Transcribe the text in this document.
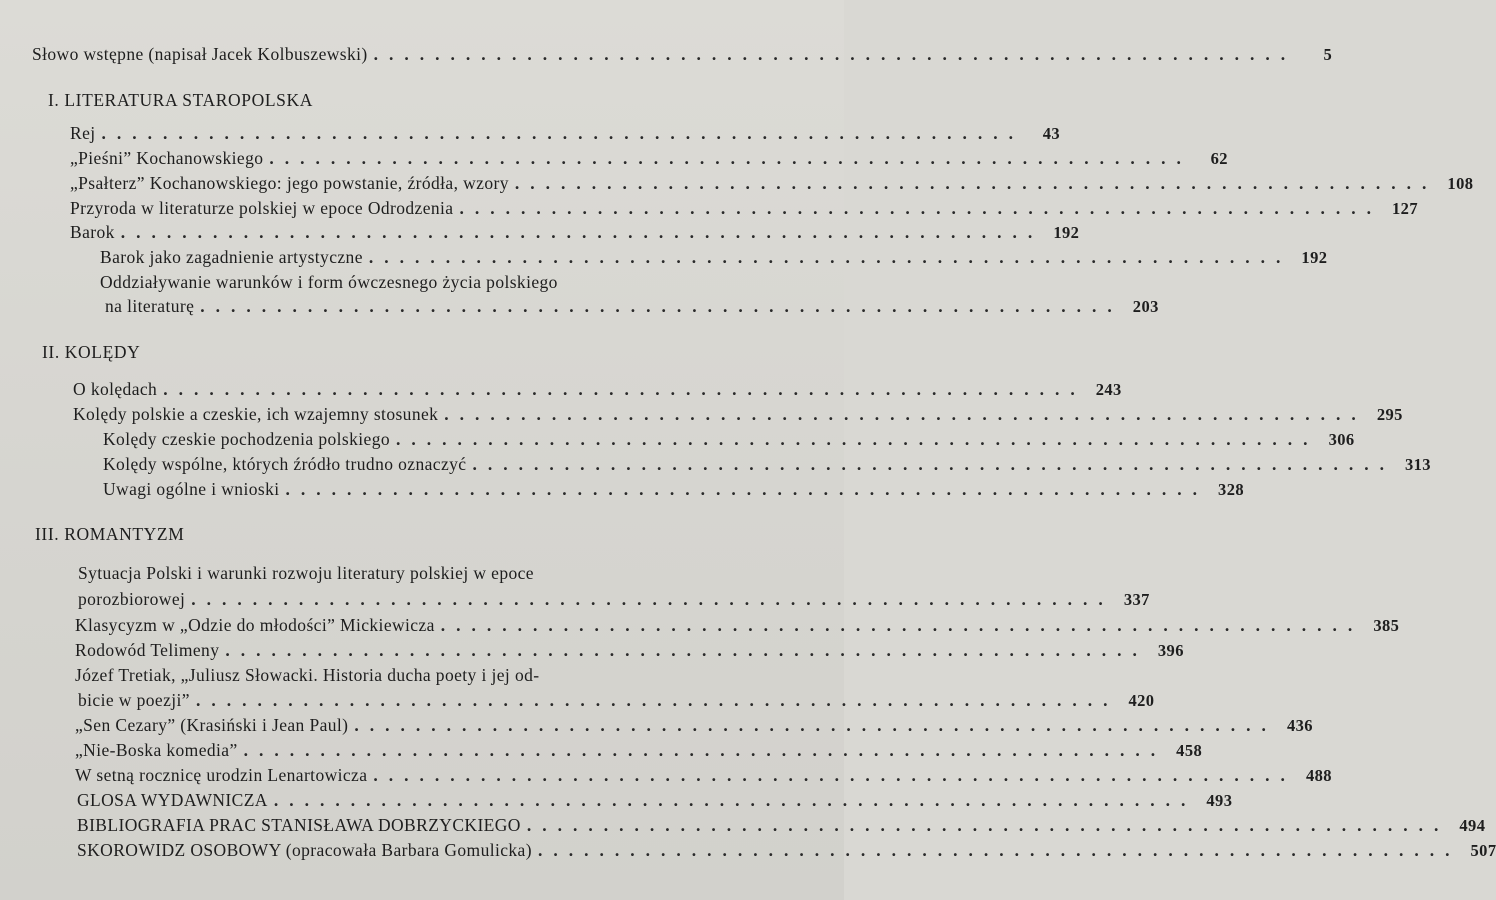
Słowo wstępne (napisał Jacek Kolbuszewski) ............................................................	5
I. LITERATURA STAROPOLSKA
Rej ............................................................	43
„Pieśni” Kochanowskiego ............................................................	62
„Psałterz” Kochanowskiego: jego powstanie, źródła, wzory ............................................................ 108
Przyroda w literaturze polskiej w epoce Odrodzenia ............................................................ 127
Barok ............................................................ 192
Barok jako zagadnienie artystyczne ............................................................ 192
Oddziaływanie warunków i form ówczesnego życia polskiego
na literaturę ............................................................ 203
II. KOLĘDY
O kolędach ............................................................ 243
Kolędy polskie a czeskie, ich wzajemny stosunek ............................................................ 295
Kolędy czeskie pochodzenia polskiego ............................................................ 306
Kolędy wspólne, których źródło trudno oznaczyć ............................................................ 313
Uwagi ogólne i wnioski ............................................................ 328
III. ROMANTYZM
Sytuacja Polski i warunki rozwoju literatury polskiej w epoce
porozbiorowej ............................................................ 337
Klasycyzm w „Odzie do młodości” Mickiewicza ............................................................ 385
Rodowód Telimeny ............................................................ 396
Józef Tretiak, „Juliusz Słowacki. Historia ducha poety i jej od-
bicie w poezji” ............................................................ 420
„Sen Cezary” (Krasiński i Jean Paul) ............................................................ 436
„Nie-Boska komedia” ............................................................ 458
W setną rocznicę urodzin Lenartowicza ............................................................ 488
GLOSA WYDAWNICZA ............................................................ 493
BIBLIOGRAFIA PRAC STANISŁAWA DOBRZYCKIEGO ............................................................ 494
SKOROWIDZ OSOBOWY (opracowała Barbara Gomulicka) ............................................................ 507
